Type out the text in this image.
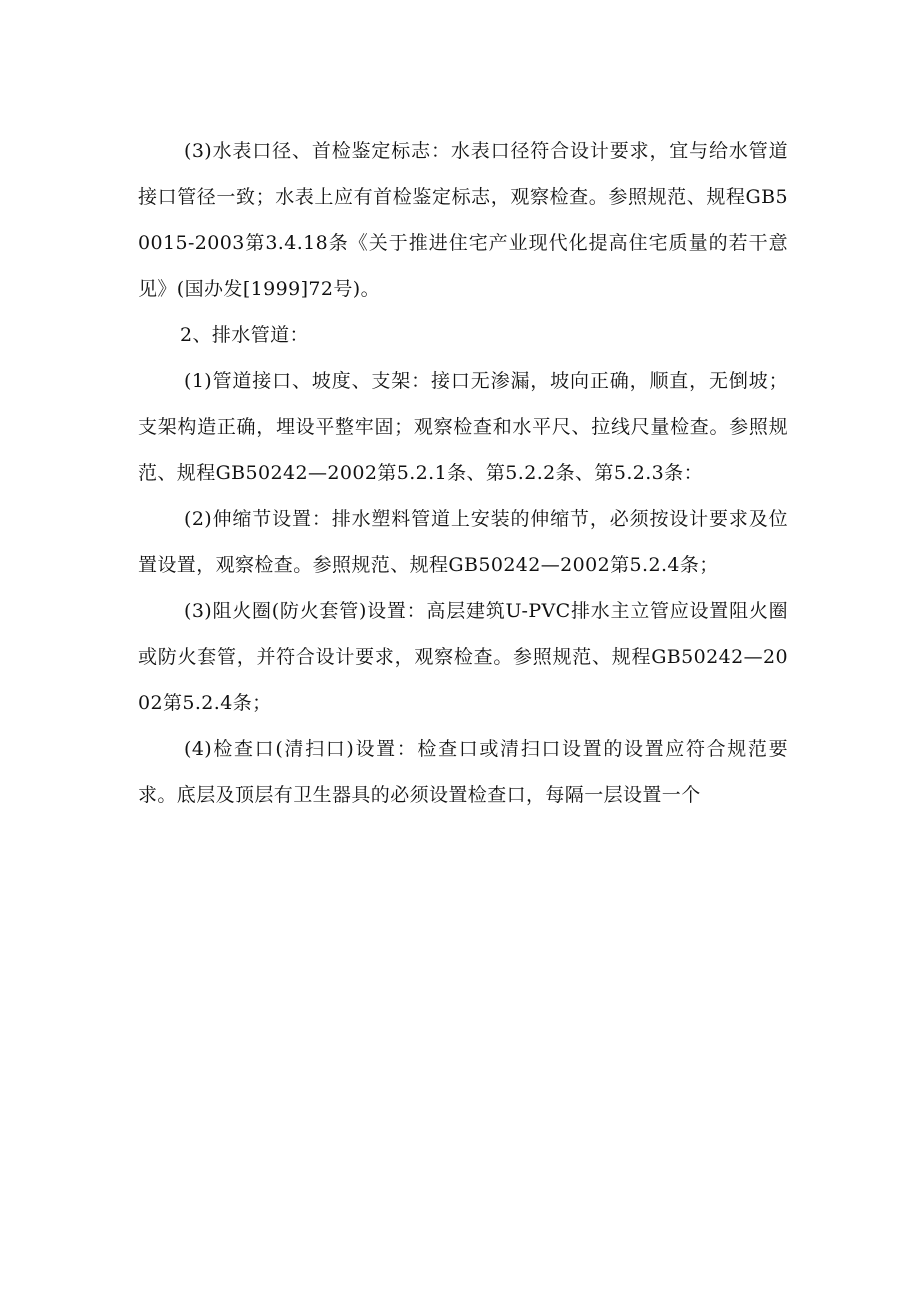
(3)水表口径、首检鉴定标志：水表口径符合设计要求，宜与给水管道接口管径一致；水表上应有首检鉴定标志，观察检查。参照规范、规程GB50015-2003第3.4.18条《关于推进住宅产业现代化提高住宅质量的若干意见》(国办发[1999]72号)。

2、排水管道：

(1)管道接口、坡度、支架：接口无渗漏，坡向正确，顺直，无倒坡；支架构造正确，埋设平整牢固；观察检查和水平尺、拉线尺量检查。参照规范、规程GB50242—2002第5.2.1条、第5.2.2条、第5.2.3条：

(2)伸缩节设置：排水塑料管道上安装的伸缩节，必须按设计要求及位置设置，观察检查。参照规范、规程GB50242—2002第5.2.4条；

(3)阻火圈(防火套管)设置：高层建筑U-PVC排水主立管应设置阻火圈或防火套管，并符合设计要求，观察检查。参照规范、规程GB50242—2002第5.2.4条；

(4)检查口(清扫口)设置：检查口或清扫口设置的设置应符合规范要求。底层及顶层有卫生器具的必须设置检查口，每隔一层设置一个
